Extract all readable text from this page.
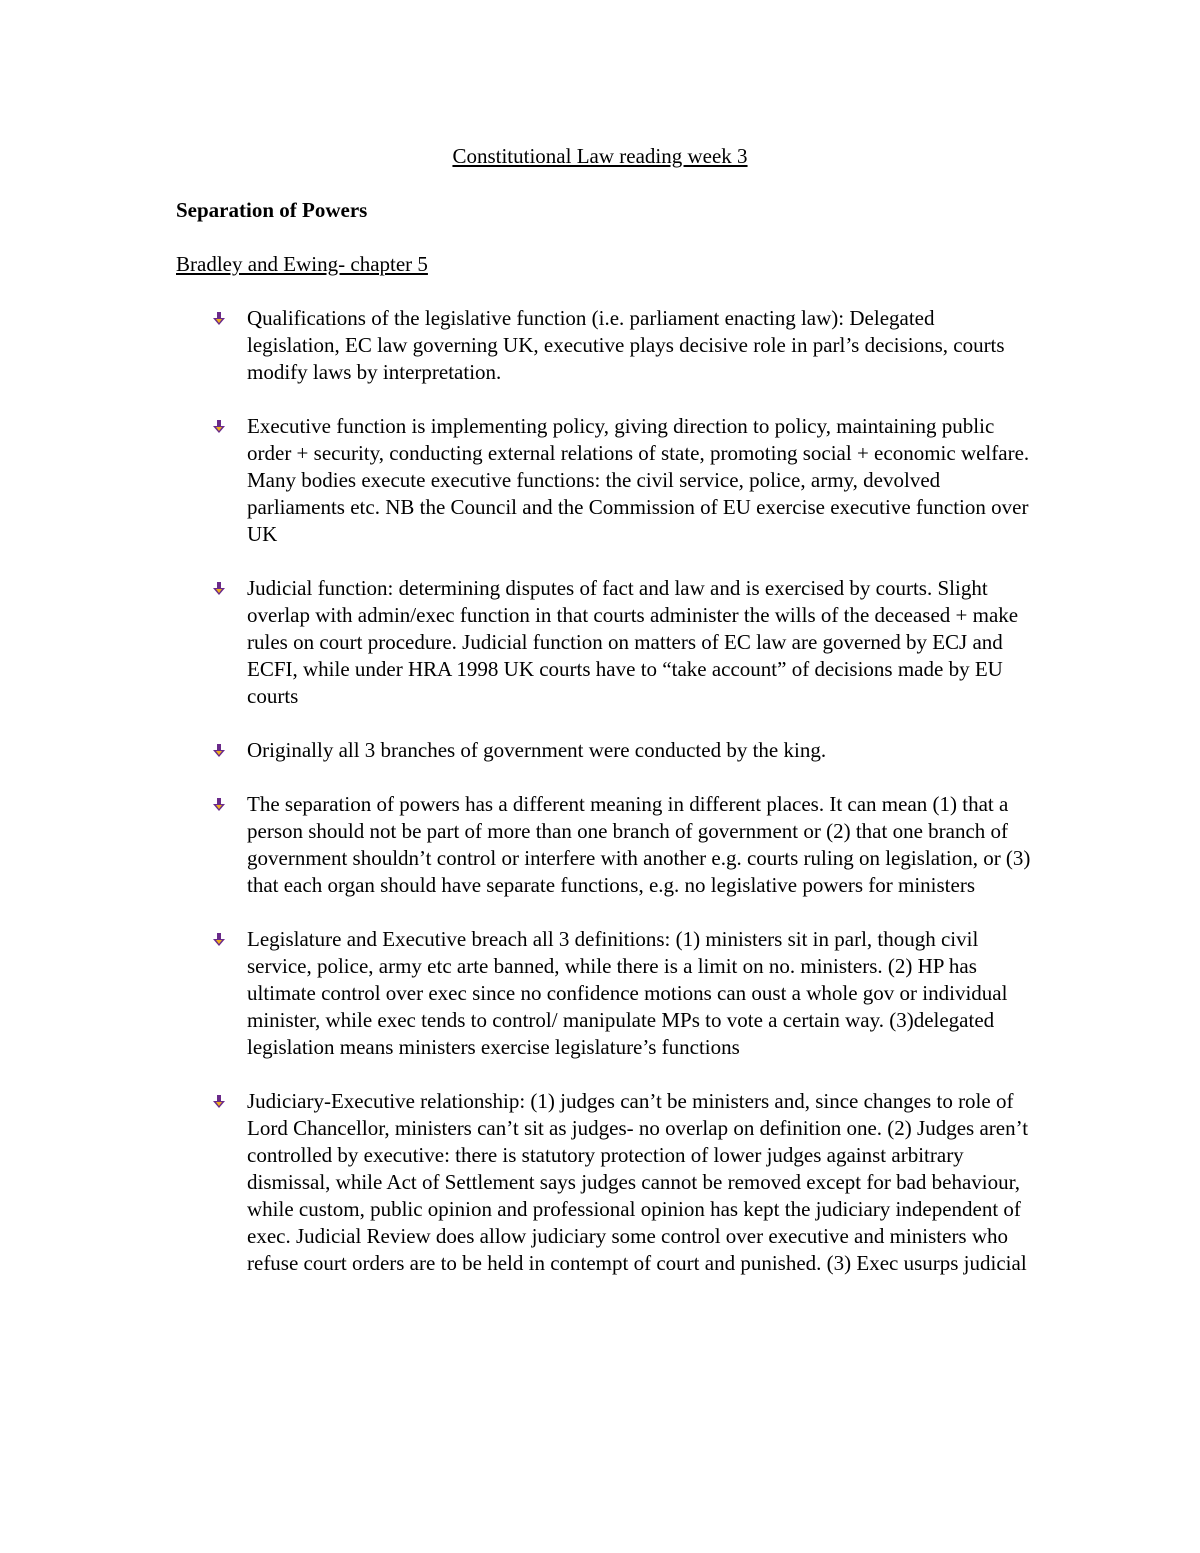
Constitutional Law reading week 3
Separation of Powers
Bradley and Ewing- chapter 5
Qualifications of the legislative function (i.e. parliament enacting law): Delegated legislation, EC law governing UK, executive plays decisive role in parl’s decisions, courts modify laws by interpretation.
Executive function is implementing policy, giving direction to policy, maintaining public order + security, conducting external relations of state, promoting social + economic welfare. Many bodies execute executive functions: the civil service, police, army, devolved parliaments etc. NB the Council and the Commission of EU exercise executive function over UK
Judicial function: determining disputes of fact and law and is exercised by courts. Slight overlap with admin/exec function in that courts administer the wills of the deceased + make rules on court procedure. Judicial function on matters of EC law are governed by ECJ and ECFI, while under HRA 1998 UK courts have to “take account” of decisions made by EU courts
Originally all 3 branches of government were conducted by the king.
The separation of powers has a different meaning in different places. It can mean (1) that a person should not be part of more than one branch of government or (2) that one branch of government shouldn’t control or interfere with another e.g. courts ruling on legislation, or (3) that each organ should have separate functions, e.g. no legislative powers for ministers
Legislature and Executive breach all 3 definitions: (1) ministers sit in parl, though civil service, police, army etc arte banned, while there is a limit on no. ministers. (2) HP has ultimate control over exec since no confidence motions can oust a whole gov or individual minister, while exec tends to control/ manipulate MPs to vote a certain way. (3)delegated legislation means ministers exercise legislature’s functions
Judiciary-Executive relationship: (1) judges can’t be ministers and, since changes to role of Lord Chancellor, ministers can’t sit as judges- no overlap on definition one. (2) Judges aren’t controlled by executive: there is statutory protection of lower judges against arbitrary dismissal, while Act of Settlement says judges cannot be removed except for bad behaviour, while custom, public opinion and professional opinion has kept the judiciary independent of exec. Judicial Review does allow judiciary some control over executive and ministers who refuse court orders are to be held in contempt of court and punished. (3) Exec usurps judicial
